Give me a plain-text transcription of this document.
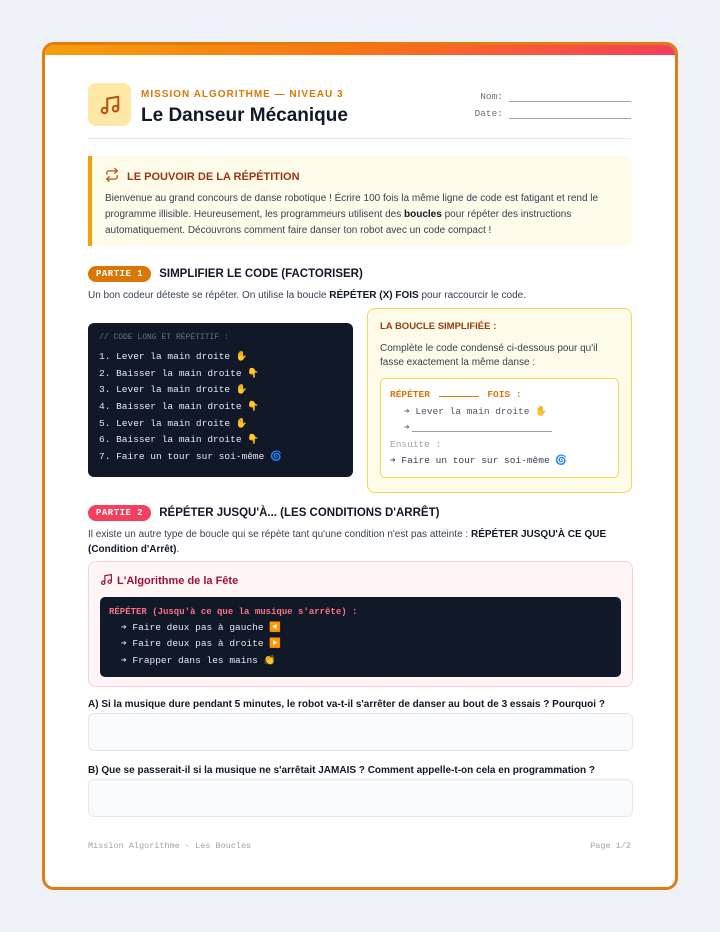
MISSION ALGORITHME — NIVEAU 3
Le Danseur Mécanique
Nom:
Date:
LE POUVOIR DE LA RÉPÉTITION
Bienvenue au grand concours de danse robotique ! Écrire 100 fois la même ligne de code est fatigant et rend le programme illisible. Heureusement, les programmeurs utilisent des boucles pour répéter des instructions automatiquement. Découvrons comment faire danser ton robot avec un code compact !
PARTIE 1	SIMPLIFIER LE CODE (FACTORISER)
Un bon codeur déteste se répéter. On utilise la boucle RÉPÉTER (X) FOIS pour raccourcir le code.
// CODE LONG ET RÉPÉTITIF :
1. Lever la main droite ✋
2. Baisser la main droite 👇
3. Lever la main droite ✋
4. Baisser la main droite 👇
5. Lever la main droite ✋
6. Baisser la main droite 👇
7. Faire un tour sur soi-même 🌀
LA BOUCLE SIMPLIFIÉE :
Complète le code condensé ci-dessous pour qu'il fasse exactement la même danse :
RÉPÉTER	FOIS :
➔ Lever la main droite ✋
➔
Ensuite :
➔ Faire un tour sur soi-même 🌀
PARTIE 2	RÉPÉTER JUSQU'À... (LES CONDITIONS D'ARRÊT)
Il existe un autre type de boucle qui se répète tant qu'une condition n'est pas atteinte : RÉPÉTER JUSQU'À CE QUE (Condition d'Arrêt).
L'Algorithme de la Fête
RÉPÉTER (Jusqu'à ce que la musique s'arrête) :
➔ Faire deux pas à gauche ◀️
➔ Faire deux pas à droite ▶️
➔ Frapper dans les mains 👏
A) Si la musique dure pendant 5 minutes, le robot va-t-il s'arrêter de danser au bout de 3 essais ? Pourquoi ?
B) Que se passerait-il si la musique ne s'arrêtait JAMAIS ? Comment appelle-t-on cela en programmation ?
Mission Algorithme - Les Boucles	Page 1/2
